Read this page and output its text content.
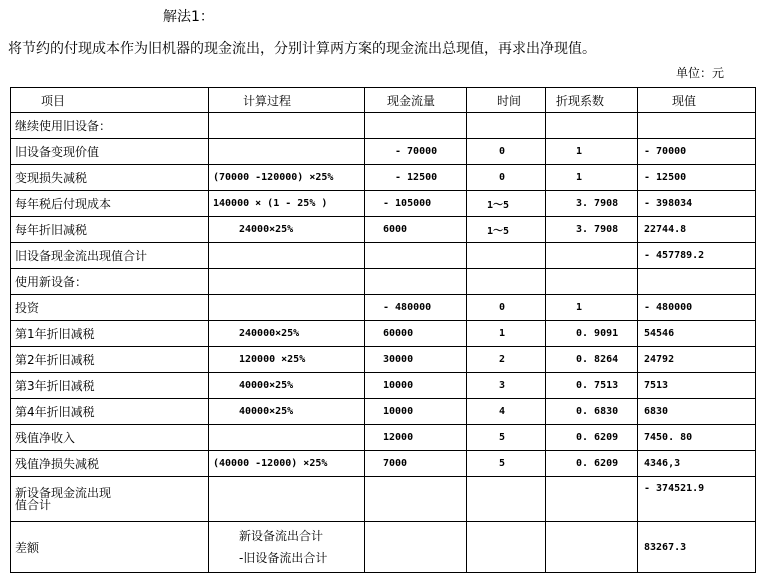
解法1：
将节约的付现成本作为旧机器的现金流出，分别计算两方案的现金流出总现值，再求出净现值。
单位：元
项目	计算过程	现金流量	时间	折现系数	现值
继续使用旧设备：					
旧设备变现价值		- 70000	0	1	- 70000
变现损失减税	(70000 -120000) ×25%	- 12500	0	1	- 12500
每年税后付现成本	140000 × (1 - 25% )	- 105000	1～5	3. 7908	- 398034
每年折旧减税	24000×25%	6000	1～5	3. 7908	22744.8
旧设备现金流出现值合计					- 457789.2
使用新设备：					
投资		- 480000	0	1	- 480000
第1年折旧减税	240000×25%	60000	1	0. 9091	54546
第2年折旧减税	120000 ×25%	30000	2	0. 8264	24792
第3年折旧减税	40000×25%	10000	3	0. 7513	7513
第4年折旧减税	40000×25%	10000	4	0. 6830	6830
残值净收入		12000	5	0. 6209	7450. 80
残值净损失减税	(40000 -12000) ×25%	7000	5	0. 6209	4346,3

新设备现金流出现
值合计					- 374521.9
差额	新设备流出合计
-旧设备流出合计				83267.3
